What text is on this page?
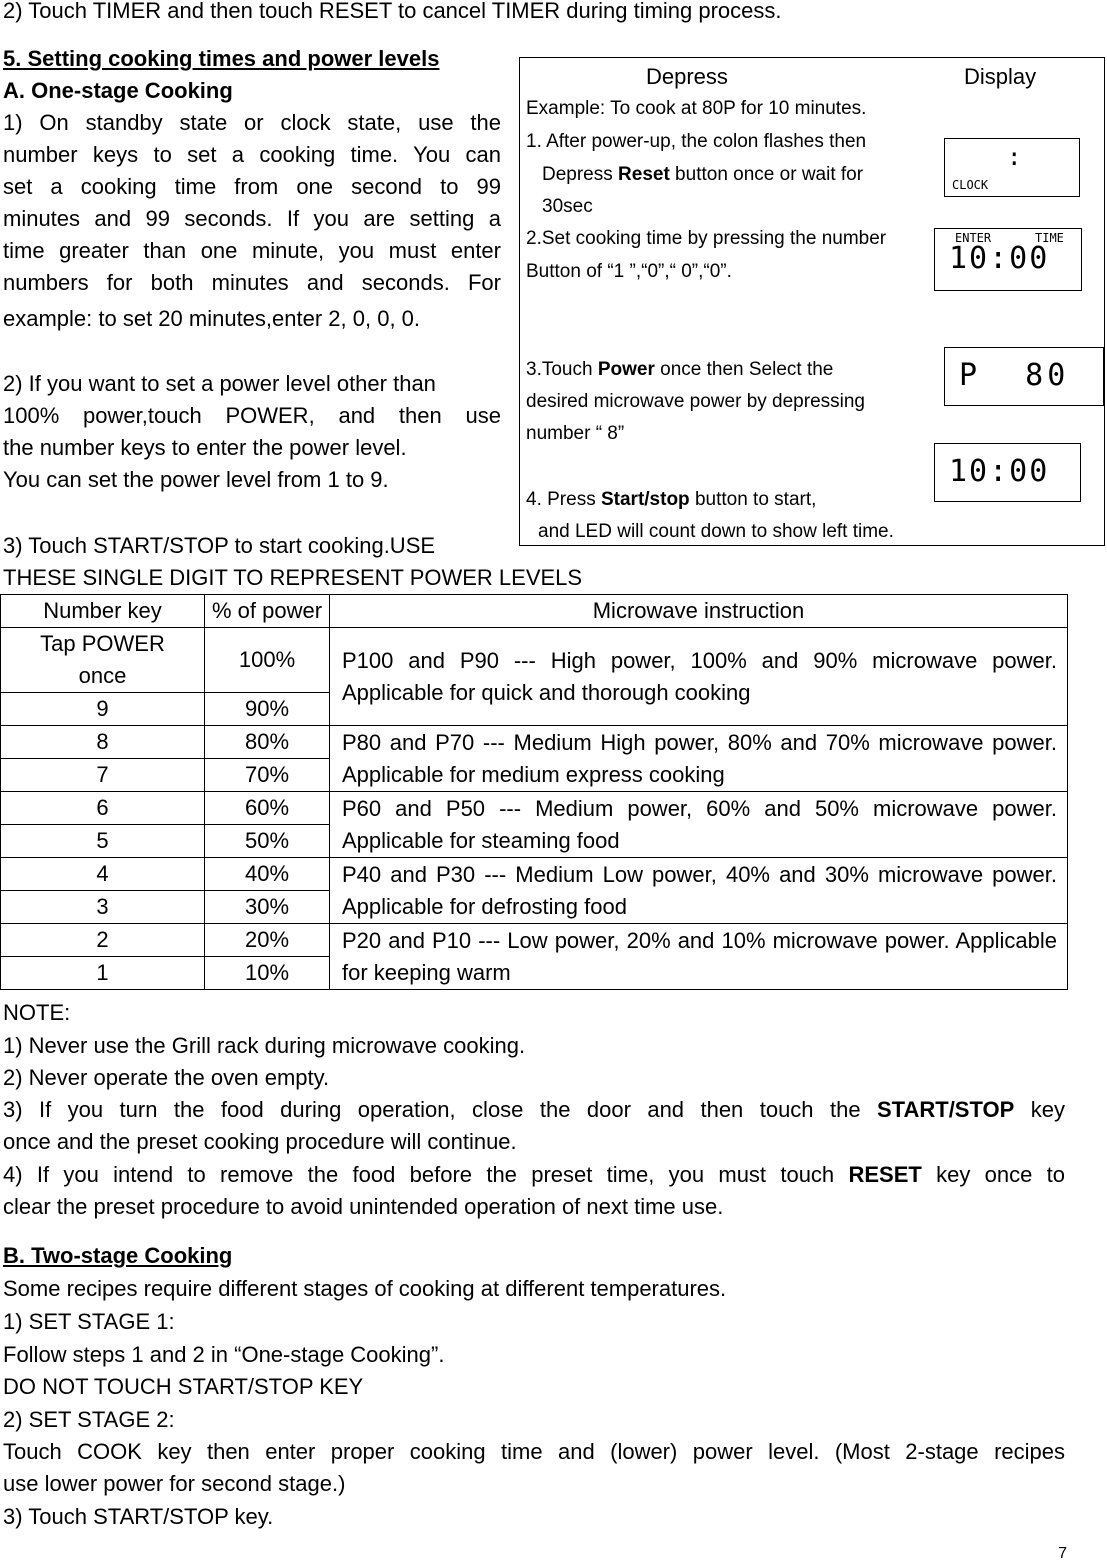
2) Touch TIMER and then touch RESET to cancel TIMER during timing process.
5. Setting cooking times and power levels
A. One-stage Cooking
1) On standby state or clock state, use the
number keys to set a cooking time. You can
set a cooking time from one second to 99
minutes and 99 seconds. If you are setting a
time greater than one minute, you must enter
numbers for both minutes and seconds. For
example: to set 20 minutes,enter 2, 0, 0, 0.
2) If you want to set a power level other than
100% power,touch POWER, and then use
the number keys to enter the power level.
You can set the power level from 1 to 9.
3) Touch START/STOP to start cooking.USE
THESE SINGLE DIGIT TO REPRESENT POWER LEVELS
Depress	Display
Example: To cook at 80P for 10 minutes.
1. After power-up, the colon flashes then
Depress Reset button once or wait for
30sec
2.Set cooking time by pressing the number
Button of “1 ”,“0”,“ 0”,“0”.
3.Touch Power once then Select the
desired microwave power by depressing
number “ 8”
4. Press Start/stop button to start,
and LED will count down to show left time.
:
CLOCK
ENTER	TIME
10:00
P  80
10:00
Number key	% of power	Microwave instruction
Tap POWER once	100%	P100 and P90 --- High power, 100% and 90% microwave power. Applicable for quick and thorough cooking
9	90%	
8	80%	P80 and P70 --- Medium High power, 80% and 70% microwave power. Applicable for medium express cooking
7	70%	
6	60%	P60 and P50 --- Medium power, 60% and 50% microwave power. Applicable for steaming food
5	50%	
4	40%	P40 and P30 --- Medium Low power, 40% and 30% microwave power. Applicable for defrosting food
3	30%	
2	20%	P20 and P10 --- Low power, 20% and 10% microwave power. Applicable for keeping warm
1	10%	
NOTE:
1) Never use the Grill rack during microwave cooking.
2) Never operate the oven empty.
3) If you turn the food during operation, close the door and then touch the START/STOP key
once and the preset cooking procedure will continue.
4) If you intend to remove the food before the preset time, you must touch RESET key once to
clear the preset procedure to avoid unintended operation of next time use.
B. Two-stage Cooking
Some recipes require different stages of cooking at different temperatures.
1) SET STAGE 1:
Follow steps 1 and 2 in “One-stage Cooking”.
DO NOT TOUCH START/STOP KEY
2) SET STAGE 2:
Touch COOK key then enter proper cooking time and (lower) power level. (Most 2-stage recipes
use lower power for second stage.)
3) Touch START/STOP key.
7
